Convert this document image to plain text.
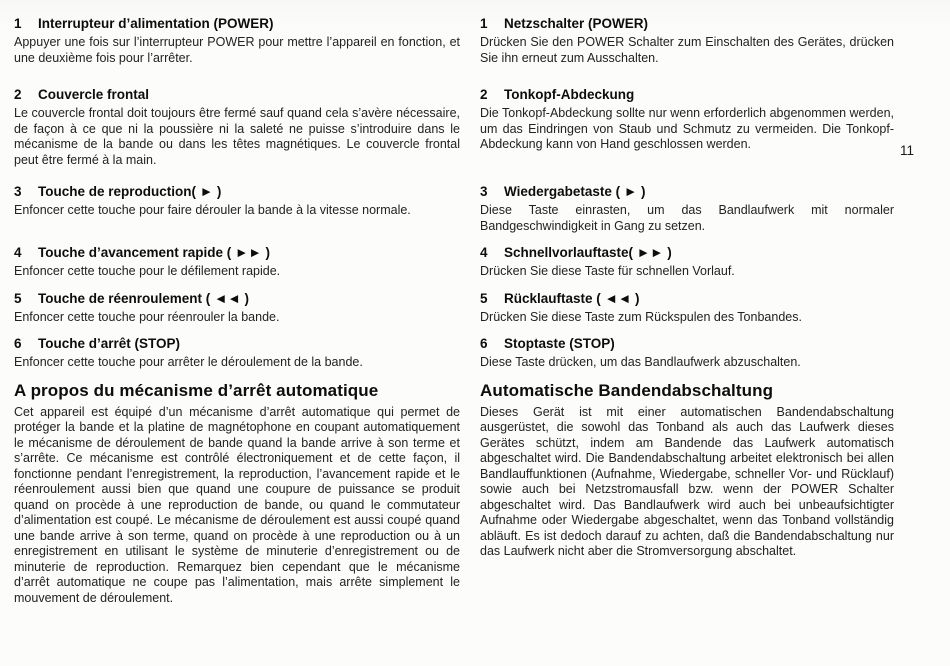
1 Interrupteur d’alimentation (POWER)

Appuyer une fois sur l’interrupteur POWER pour mettre l’appareil en fonction, et une deuxième fois pour l’arrêter.

1 Netzschalter (POWER)

Drücken Sie den POWER Schalter zum Einschalten des Gerätes, drücken Sie ihn erneut zum Ausschalten.

2 Couvercle frontal

Le couvercle frontal doit toujours être fermé sauf quand cela s’avère nécessaire, de façon à ce que ni la poussière ni la saleté ne puisse s’introduire dans le mécanisme de la bande ou dans les têtes magnétiques. Le couvercle frontal peut être fermé à la main.

2 Tonkopf-Abdeckung

Die Tonkopf-Abdeckung sollte nur wenn erforderlich abgenommen werden, um das Eindringen von Staub und Schmutz zu vermeiden. Die Tonkopf-Abdeckung kann von Hand geschlossen werden.

3 Touche de reproduction( ► )

Enfoncer cette touche pour faire dérouler la bande à la vitesse normale.

3 Wiedergabetaste ( ► )

Diese Taste einrasten, um das Bandlaufwerk mit normaler Bandgeschwindigkeit in Gang zu setzen.

4 Touche d’avancement rapide ( ►► )

Enfoncer cette touche pour le défilement rapide.

4 Schnellvorlauftaste( ►► )

Drücken Sie diese Taste für schnellen Vorlauf.

5 Touche de réenroulement ( ◄◄ )

Enfoncer cette touche pour réenrouler la bande.

5 Rücklauftaste ( ◄◄ )

Drücken Sie diese Taste zum Rückspulen des Tonbandes.

6 Touche d’arrêt (STOP)

Enfoncer cette touche pour arrêter le déroulement de la bande.

6 Stoptaste (STOP)

Diese Taste drücken, um das Bandlaufwerk abzuschalten.

A propos du mécanisme d’arrêt automatique

Cet appareil est équipé d’un mécanisme d’arrêt automatique qui permet de protéger la bande et la platine de magnétophone en coupant automatiquement le mécanisme de déroulement de bande quand la bande arrive à son terme et s’arrête. Ce mécanisme est contrôlé électroniquement et de cette façon, il fonctionne pendant l’enregistrement, la reproduction, l’avancement rapide et le réenroulement aussi bien que quand une coupure de puissance se produit quand on procède à une reproduction de bande, ou quand le commutateur d’alimentation est coupé. Le mécanisme de déroulement est aussi coupé quand une bande arrive à son terme, quand on procède à une reproduction ou à un enregistrement en utilisant le système de minuterie d’enregistrement ou de minuterie de reproduction. Remarquez bien cependant que le mécanisme d’arrêt automatique ne coupe pas l’alimentation, mais arrête simplement le mouvement de déroulement.

Automatische Bandendabschaltung

Dieses Gerät ist mit einer automatischen Bandendabschaltung ausgerüstet, die sowohl das Tonband als auch das Laufwerk dieses Gerätes schützt, indem am Bandende das Laufwerk automatisch abgeschaltet wird. Die Bandendabschaltung arbeitet elektronisch bei allen Bandlauffunktionen (Aufnahme, Wiedergabe, schneller Vor- und Rücklauf) sowie auch bei Netzstromausfall bzw. wenn der POWER Schalter abgeschaltet wird. Das Bandlaufwerk wird auch bei unbeaufsichtigter Aufnahme oder Wiedergabe abgeschaltet, wenn das Tonband vollständig abläuft. Es ist dedoch darauf zu achten, daß die Bandendabschaltung nur das Laufwerk nicht aber die Stromversorgung abschaltet.

11
